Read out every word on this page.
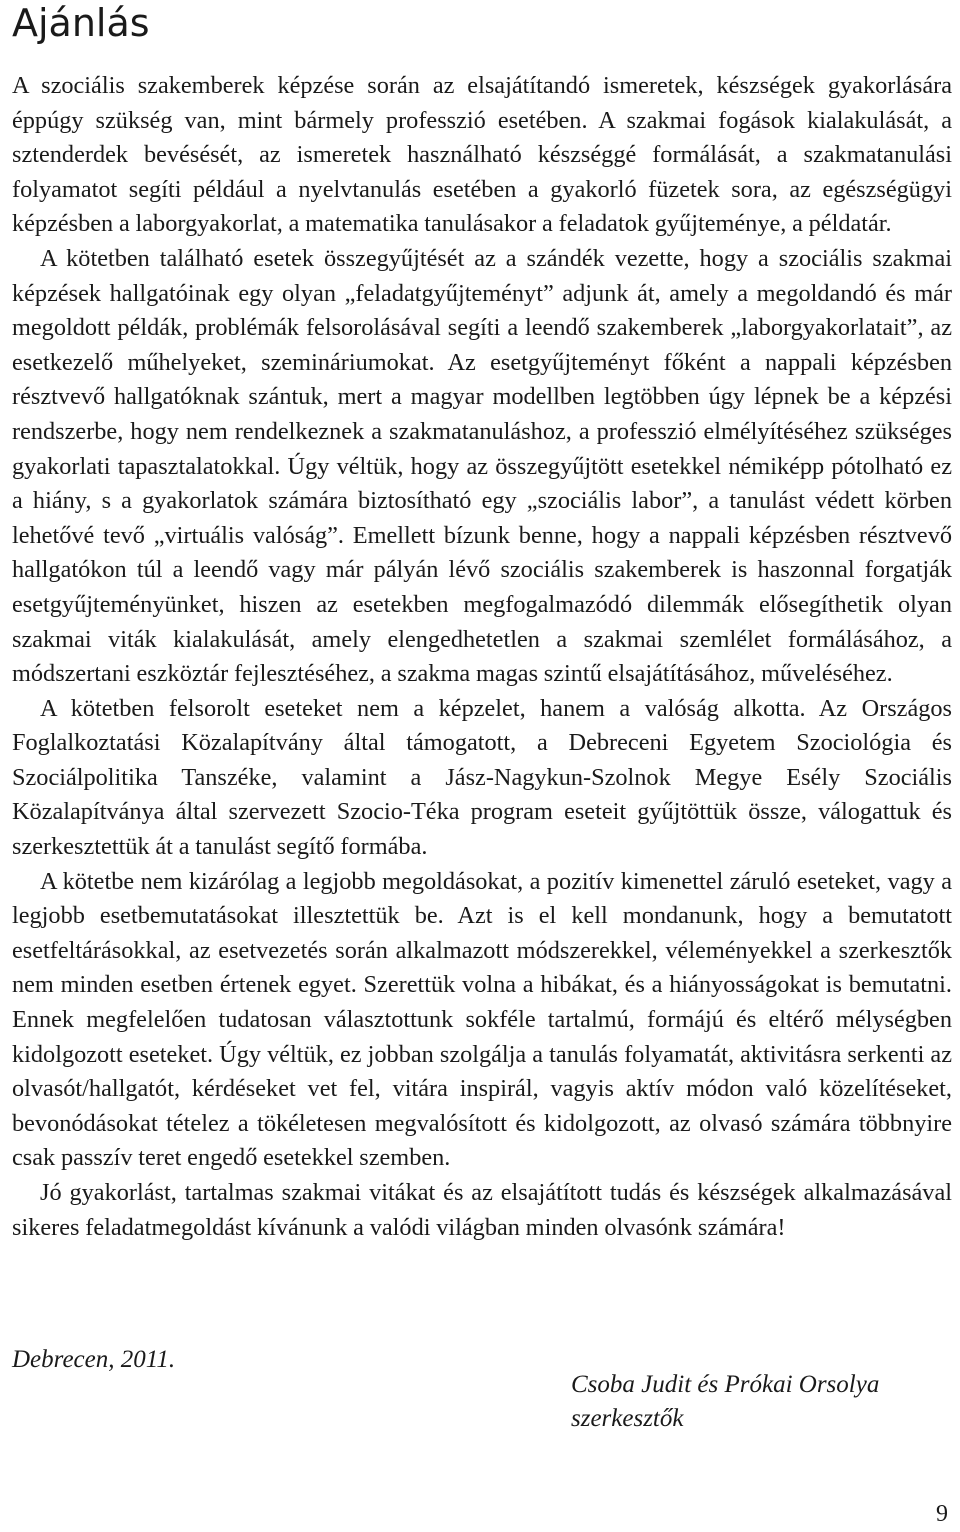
Ajánlás

A szociális szakemberek képzése során az elsajátítandó ismeretek, készségek gyakorlására éppúgy szükség van, mint bármely professzió esetében. A szakmai fogások kialakulását, a sztenderdek bevésését, az ismeretek használható készséggé formálását, a szakmatanulási folyamatot segíti például a nyelvtanulás esetében a gyakorló füzetek sora, az egészségügyi képzésben a laborgyakorlat, a matematika tanulásakor a feladatok gyűjteménye, a példatár.

A kötetben található esetek összegyűjtését az a szándék vezette, hogy a szociális szakmai képzések hallgatóinak egy olyan „feladatgyűjteményt” adjunk át, amely a megoldandó és már megoldott példák, problémák felsorolásával segíti a leendő szakemberek „laborgyakorlatait”, az esetkezelő műhelyeket, szemináriumokat. Az esetgyűjteményt főként a nappali képzésben résztvevő hallgatóknak szántuk, mert a magyar modellben legtöbben úgy lépnek be a képzési rendszerbe, hogy nem rendelkeznek a szakmatanuláshoz, a professzió elmélyítéséhez szükséges gyakorlati tapasztalatokkal. Úgy véltük, hogy az összegyűjtött esetekkel némiképp pótolható ez a hiány, s a gyakorlatok számára biztosítható egy „szociális labor”, a tanulást védett körben lehetővé tevő „virtuális valóság”. Emellett bízunk benne, hogy a nappali képzésben résztvevő hallgatókon túl a leendő vagy már pályán lévő szociális szakemberek is haszonnal forgatják esetgyűjteményünket, hiszen az esetekben megfogalmazódó dilemmák elősegíthetik olyan szakmai viták kialakulását, amely elengedhetetlen a szakmai szemlélet formálásához, a módszertani eszköztár fejlesztéséhez, a szakma magas szintű elsajátításához, műveléséhez.

A kötetben felsorolt eseteket nem a képzelet, hanem a valóság alkotta. Az Országos Foglalkoztatási Közalapítvány által támogatott, a Debreceni Egyetem Szociológia és Szociálpolitika Tanszéke, valamint a Jász-Nagykun-Szolnok Megye Esély Szociális Közalapítványa által szervezett Szocio-Téka program eseteit gyűjtöttük össze, válogattuk és szerkesztettük át a tanulást segítő formába.

A kötetbe nem kizárólag a legjobb megoldásokat, a pozitív kimenettel záruló eseteket, vagy a legjobb esetbemutatásokat illesztettük be. Azt is el kell mondanunk, hogy a bemutatott esetfeltárásokkal, az esetvezetés során alkalmazott módszerekkel, véleményekkel a szerkesztők nem minden esetben értenek egyet. Szerettük volna a hibákat, és a hiányosságokat is bemutatni. Ennek megfelelően tudatosan választottunk sokféle tartalmú, formájú és eltérő mélységben kidolgozott eseteket. Úgy véltük, ez jobban szolgálja a tanulás folyamatát, aktivitásra serkenti az olvasót/hallgatót, kérdéseket vet fel, vitára inspirál, vagyis aktív módon való közelítéseket, bevonódásokat tételez a tökéletesen megvalósított és kidolgozott, az olvasó számára többnyire csak passzív teret engedő esetekkel szemben.

Jó gyakorlást, tartalmas szakmai vitákat és az elsajátított tudás és készségek alkalmazásával sikeres feladatmegoldást kívánunk a valódi világban minden olvasónk számára!

Debrecen, 2011.

Csoba Judit és Prókai Orsolya
szerkesztők
9
